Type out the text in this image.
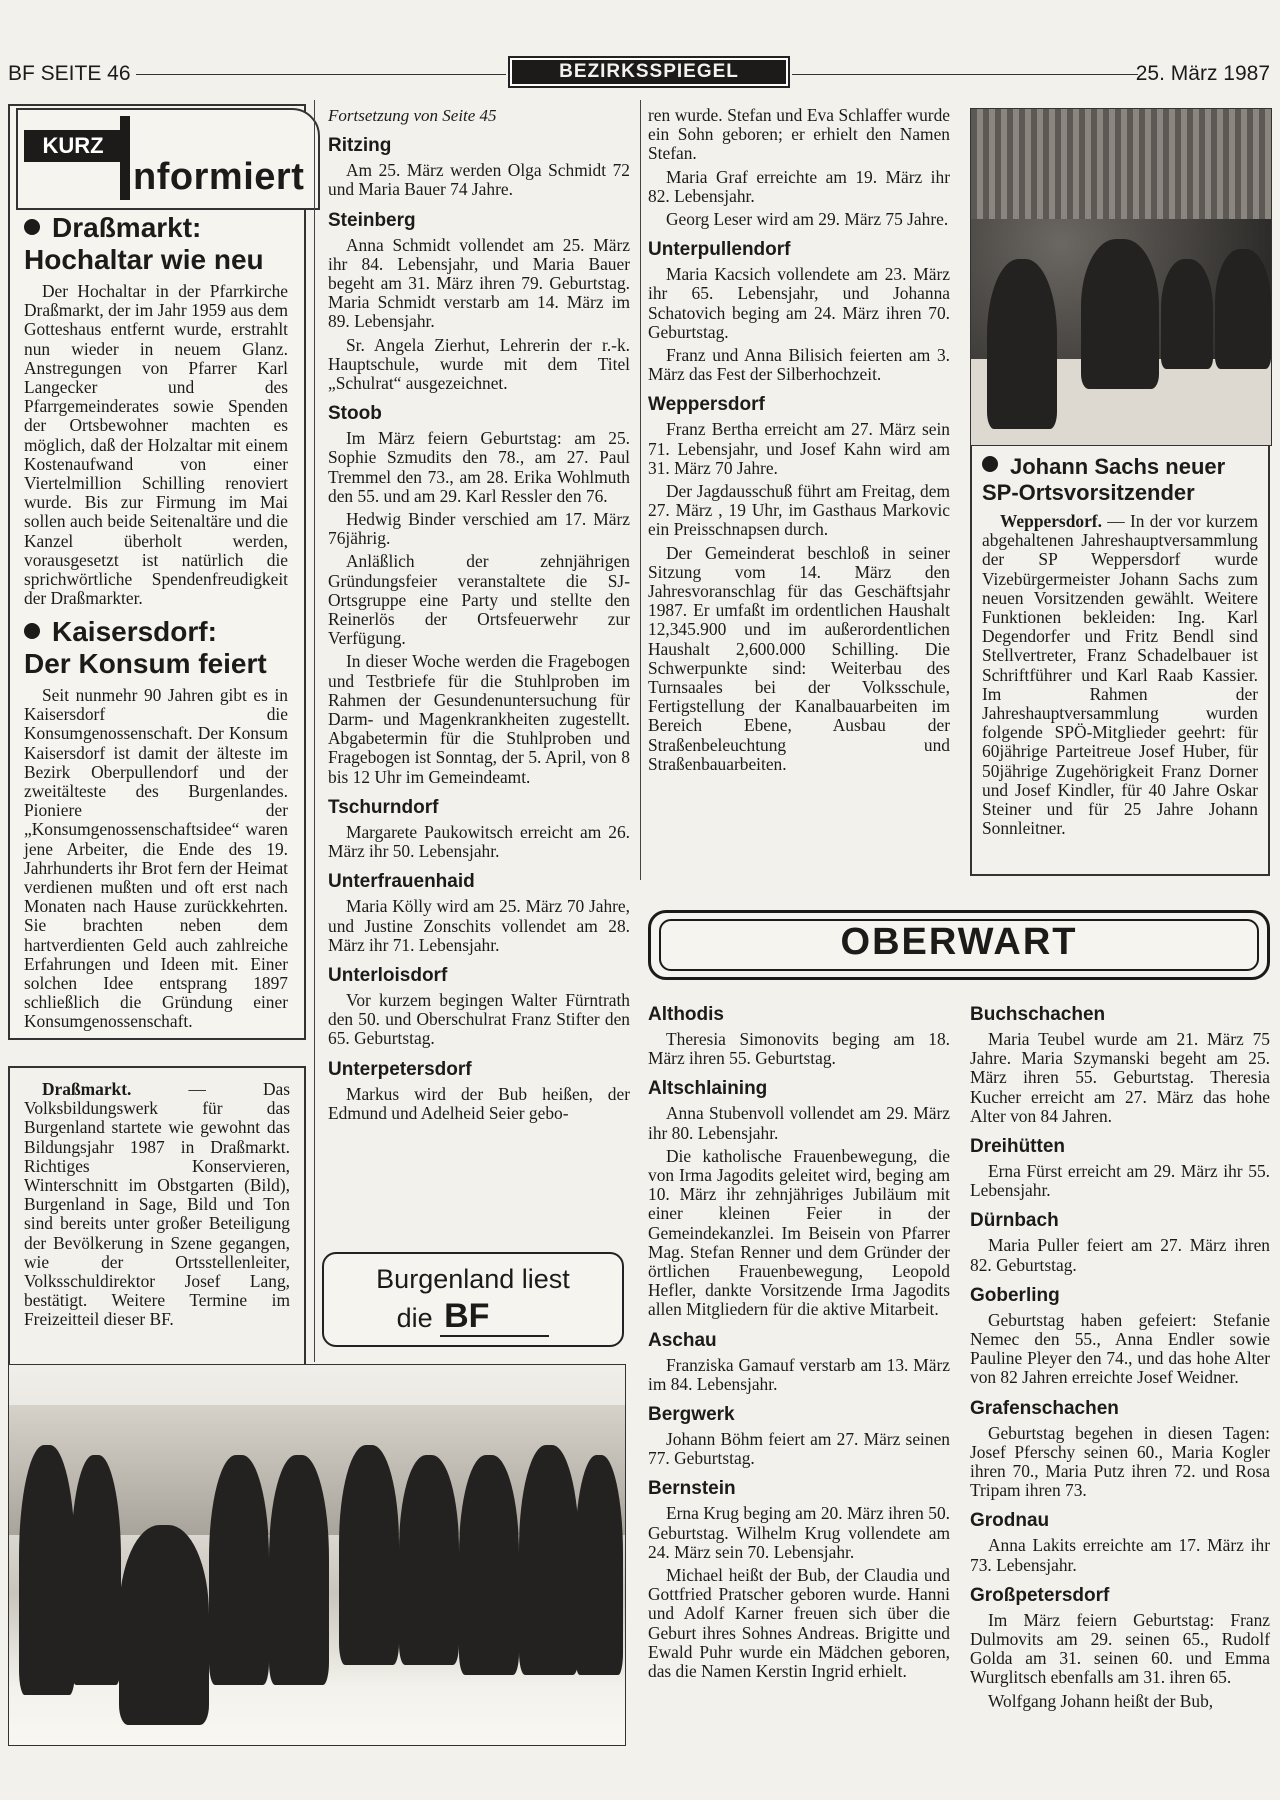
BF SEITE 46	BEZIRKSSPIEGEL	25. März 1987
KURZ
Informiert
Draßmarkt:
Hochaltar wie neu

Der Hochaltar in der Pfarrkirche Draßmarkt, der im Jahr 1959 aus dem Gotteshaus entfernt wurde, erstrahlt nun wieder in neuem Glanz. Anstregungen von Pfarrer Karl Langecker und des Pfarrgemeinderates sowie Spenden der Ortsbewohner machten es möglich, daß der Holzaltar mit einem Kostenaufwand von einer Viertelmillion Schilling renoviert wurde. Bis zur Firmung im Mai sollen auch beide Seitenaltäre und die Kanzel überholt werden, vorausgesetzt ist natürlich die sprichwörtliche Spendenfreudigkeit der Draßmarkter.

Kaisersdorf:
Der Konsum feiert

Seit nunmehr 90 Jahren gibt es in Kaisersdorf die Konsumgenossenschaft. Der Konsum Kaisersdorf ist damit der älteste im Bezirk Oberpullendorf und der zweitälteste des Burgenlandes. Pioniere der „Konsumgenossenschaftsidee“ waren jene Arbeiter, die Ende des 19. Jahrhunderts ihr Brot fern der Heimat verdienen mußten und oft erst nach Monaten nach Hause zurückkehrten. Sie brachten neben dem hartverdienten Geld auch zahlreiche Erfahrungen und Ideen mit. Einer solchen Idee entsprang 1897 schließlich die Gründung einer Konsumgenossenschaft.

Draßmarkt. — Das Volksbildungswerk für das Burgenland startete wie gewohnt das Bildungsjahr 1987 in Draßmarkt. Richtiges Konservieren, Winterschnitt im Obstgarten (Bild), Burgenland in Sage, Bild und Ton sind bereits unter großer Beteiligung der Bevölkerung in Szene gegangen, wie der Ortsstellenleiter, Volksschuldirektor Josef Lang, bestätigt. Weitere Termine im Freizeitteil dieser BF.

Fortsetzung von Seite 45

Ritzing

Am 25. März werden Olga Schmidt 72 und Maria Bauer 74 Jahre.

Steinberg

Anna Schmidt vollendet am 25. März ihr 84. Lebensjahr, und Maria Bauer begeht am 31. März ihren 79. Geburtstag. Maria Schmidt verstarb am 14. März im 89. Lebensjahr.

Sr. Angela Zierhut, Lehrerin der r.-k. Hauptschule, wurde mit dem Titel „Schulrat“ ausgezeichnet.

Stoob

Im März feiern Geburtstag: am 25. Sophie Szmudits den 78., am 27. Paul Tremmel den 73., am 28. Erika Wohlmuth den 55. und am 29. Karl Ressler den 76.

Hedwig Binder verschied am 17. März 76jährig.

Anläßlich der zehnjährigen Gründungsfeier veranstaltete die SJ-Ortsgruppe eine Party und stellte den Reinerlös der Ortsfeuerwehr zur Verfügung.

In dieser Woche werden die Fragebogen und Testbriefe für die Stuhlproben im Rahmen der Gesundenuntersuchung für Darm- und Magenkrankheiten zugestellt. Abgabetermin für die Stuhlproben und Fragebogen ist Sonntag, der 5. April, von 8 bis 12 Uhr im Gemeindeamt.

Tschurndorf

Margarete Paukowitsch erreicht am 26. März ihr 50. Lebensjahr.

Unterfrauenhaid

Maria Kölly wird am 25. März 70 Jahre, und Justine Zonschits vollendet am 28. März ihr 71. Lebensjahr.

Unterloisdorf

Vor kurzem begingen Walter Fürntrath den 50. und Oberschulrat Franz Stifter den 65. Geburtstag.

Unterpetersdorf

Markus wird der Bub heißen, der Edmund und Adelheid Seier gebo-

Burgenland liest
die BF

ren wurde. Stefan und Eva Schlaffer wurde ein Sohn geboren; er erhielt den Namen Stefan.

Maria Graf erreichte am 19. März ihr 82. Lebensjahr.

Georg Leser wird am 29. März 75 Jahre.

Unterpullendorf

Maria Kacsich vollendete am 23. März ihr 65. Lebensjahr, und Johanna Schatovich beging am 24. März ihren 70. Geburtstag.

Franz und Anna Bilisich feierten am 3. März das Fest der Silberhochzeit.

Weppersdorf

Franz Bertha erreicht am 27. März sein 71. Lebensjahr, und Josef Kahn wird am 31. März 70 Jahre.

Der Jagdausschuß führt am Freitag, dem 27. März , 19 Uhr, im Gasthaus Markovic ein Preisschnapsen durch.

Der Gemeinderat beschloß in seiner Sitzung vom 14. März den Jahresvoranschlag für das Geschäftsjahr 1987. Er umfaßt im ordentlichen Haushalt 12,345.900 und im außerordentlichen Haushalt 2,600.000 Schilling. Die Schwerpunkte sind: Weiterbau des Turnsaales bei der Volksschule, Fertigstellung der Kanalbauarbeiten im Bereich Ebene, Ausbau der Straßenbeleuchtung und Straßenbauarbeiten.

Johann Sachs neuer
SP-Ortsvorsitzender

Weppersdorf. — In der vor kurzem abgehaltenen Jahreshauptversammlung der SP Weppersdorf wurde Vizebürgermeister Johann Sachs zum neuen Vorsitzenden gewählt. Weitere Funktionen bekleiden: Ing. Karl Degendorfer und Fritz Bendl sind Stellvertreter, Franz Schadelbauer ist Schriftführer und Karl Raab Kassier. Im Rahmen der Jahreshauptversammlung wurden folgende SPÖ-Mitglieder geehrt: für 60jährige Parteitreue Josef Huber, für 50jährige Zugehörigkeit Franz Dorner und Josef Kindler, für 40 Jahre Oskar Steiner und für 25 Jahre Johann Sonnleitner.

OBERWART
Althodis

Theresia Simonovits beging am 18. März ihren 55. Geburtstag.

Altschlaining

Anna Stubenvoll vollendet am 29. März ihr 80. Lebensjahr.

Die katholische Frauenbewegung, die von Irma Jagodits geleitet wird, beging am 10. März ihr zehnjähriges Jubiläum mit einer kleinen Feier in der Gemeindekanzlei. Im Beisein von Pfarrer Mag. Stefan Renner und dem Gründer der örtlichen Frauenbewegung, Leopold Hefler, dankte Vorsitzende Irma Jagodits allen Mitgliedern für die aktive Mitarbeit.

Aschau

Franziska Gamauf verstarb am 13. März im 84. Lebensjahr.

Bergwerk

Johann Böhm feiert am 27. März seinen 77. Geburtstag.

Bernstein

Erna Krug beging am 20. März ihren 50. Geburtstag. Wilhelm Krug vollendete am 24. März sein 70. Lebensjahr.

Michael heißt der Bub, der Claudia und Gottfried Pratscher geboren wurde. Hanni und Adolf Karner freuen sich über die Geburt ihres Sohnes Andreas. Brigitte und Ewald Puhr wurde ein Mädchen geboren, das die Namen Kerstin Ingrid erhielt.

Buchschachen

Maria Teubel wurde am 21. März 75 Jahre. Maria Szymanski begeht am 25. März ihren 55. Geburtstag. Theresia Kucher erreicht am 27. März das hohe Alter von 84 Jahren.

Dreihütten

Erna Fürst erreicht am 29. März ihr 55. Lebensjahr.

Dürnbach

Maria Puller feiert am 27. März ihren 82. Geburtstag.

Goberling

Geburtstag haben gefeiert: Stefanie Nemec den 55., Anna Endler sowie Pauline Pleyer den 74., und das hohe Alter von 82 Jahren erreichte Josef Weidner.

Grafenschachen

Geburtstag begehen in diesen Tagen: Josef Pferschy seinen 60., Maria Kogler ihren 70., Maria Putz ihren 72. und Rosa Tripam ihren 73.

Grodnau

Anna Lakits erreichte am 17. März ihr 73. Lebensjahr.

Großpetersdorf

Im März feiern Geburtstag: Franz Dulmovits am 29. seinen 65., Rudolf Golda am 31. seinen 60. und Emma Wurglitsch ebenfalls am 31. ihren 65.

Wolfgang Johann heißt der Bub,
